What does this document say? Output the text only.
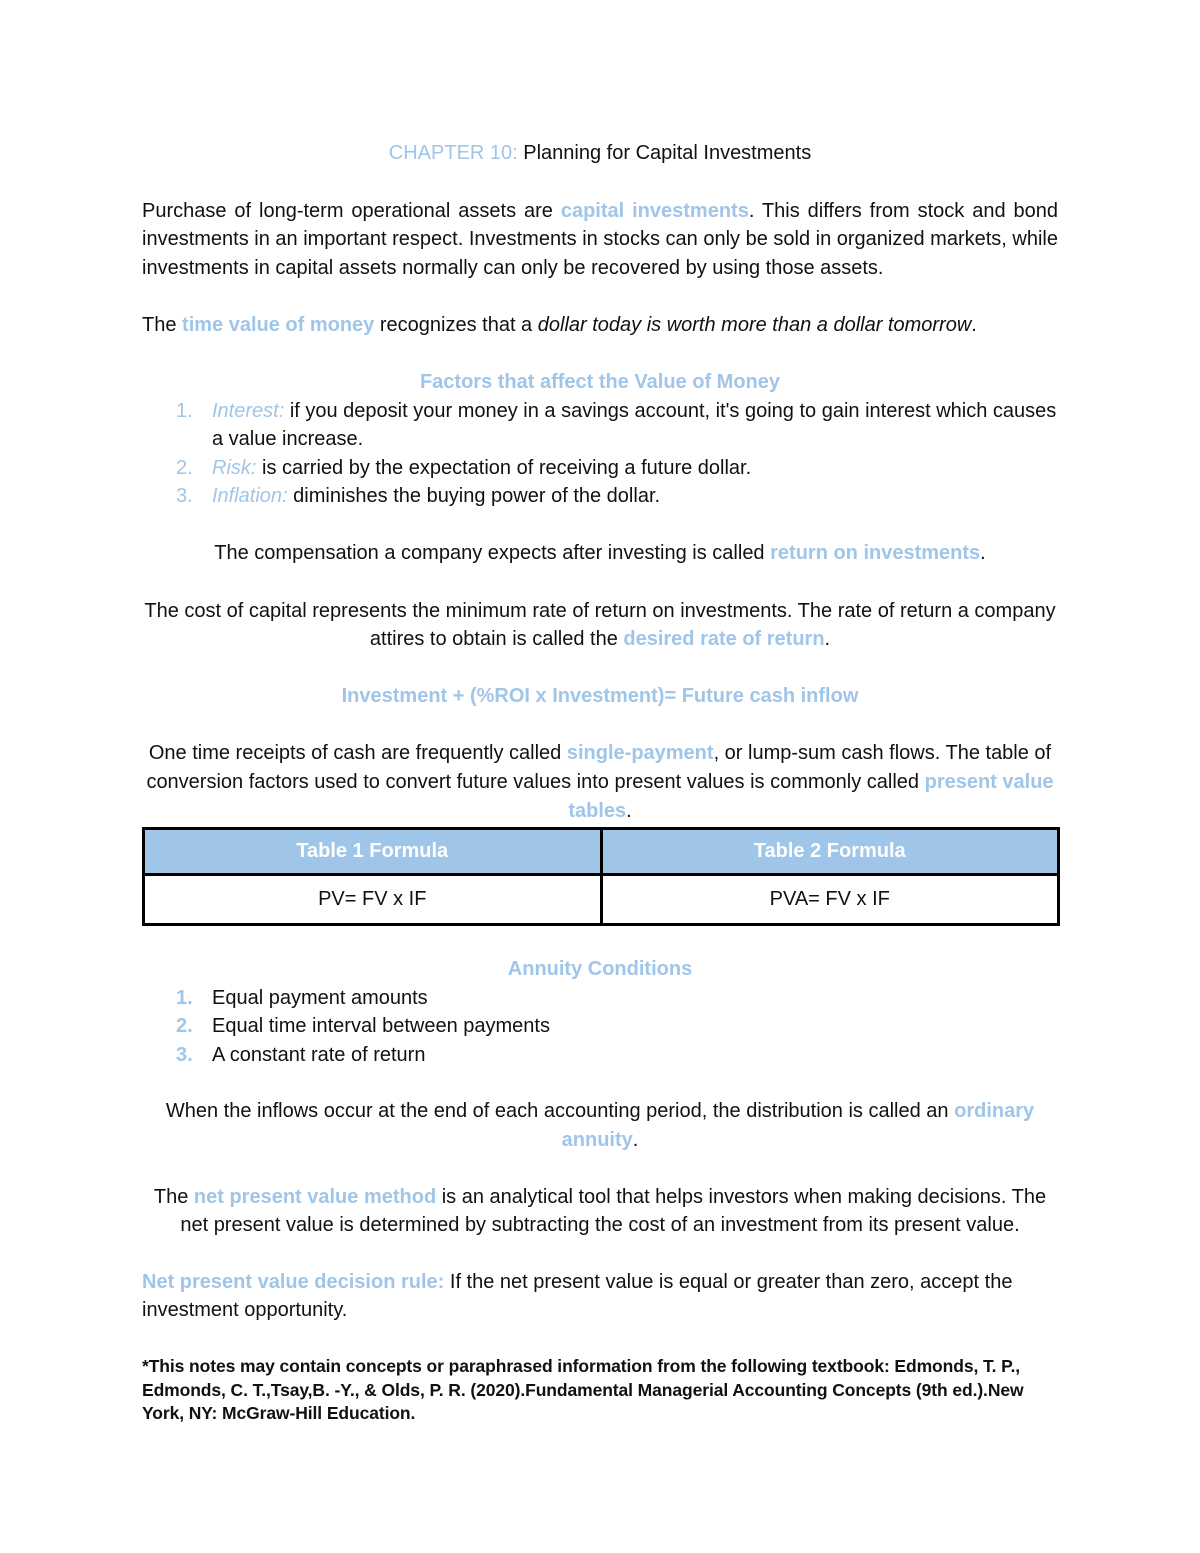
CHAPTER 10: Planning for Capital Investments

Purchase of long-term operational assets are capital investments. This differs from stock and bond investments in an important respect. Investments in stocks can only be sold in organized markets, while investments in capital assets normally can only be recovered by using those assets.

The time value of money recognizes that a dollar today is worth more than a dollar tomorrow.

Factors that affect the Value of Money

1. Interest: if you deposit your money in a savings account, it's going to gain interest which causes a value increase.
2. Risk: is carried by the expectation of receiving a future dollar.
3. Inflation: diminishes the buying power of the dollar.

The compensation a company expects after investing is called return on investments.

The cost of capital represents the minimum rate of return on investments. The rate of return a company attires to obtain is called the desired rate of return.

Investment + (%ROI x Investment)= Future cash inflow

One time receipts of cash are frequently called single-payment, or lump-sum cash flows. The table of conversion factors used to convert future values into present values is commonly called present value tables.

Table 1 Formula	Table 2 Formula
PV= FV x IF	PVA= FV x IF

Annuity Conditions

1. Equal payment amounts
2. Equal time interval between payments
3. A constant rate of return

When the inflows occur at the end of each accounting period, the distribution is called an ordinary annuity.

The net present value method is an analytical tool that helps investors when making decisions. The net present value is determined by subtracting the cost of an investment from its present value.

Net present value decision rule: If the net present value is equal or greater than zero, accept the investment opportunity.

*This notes may contain concepts or paraphrased information from the following textbook: Edmonds, T. P., Edmonds, C. T.,Tsay,B. -Y., & Olds, P. R. (2020).Fundamental Managerial Accounting Concepts (9th ed.).New York, NY: McGraw-Hill Education.
